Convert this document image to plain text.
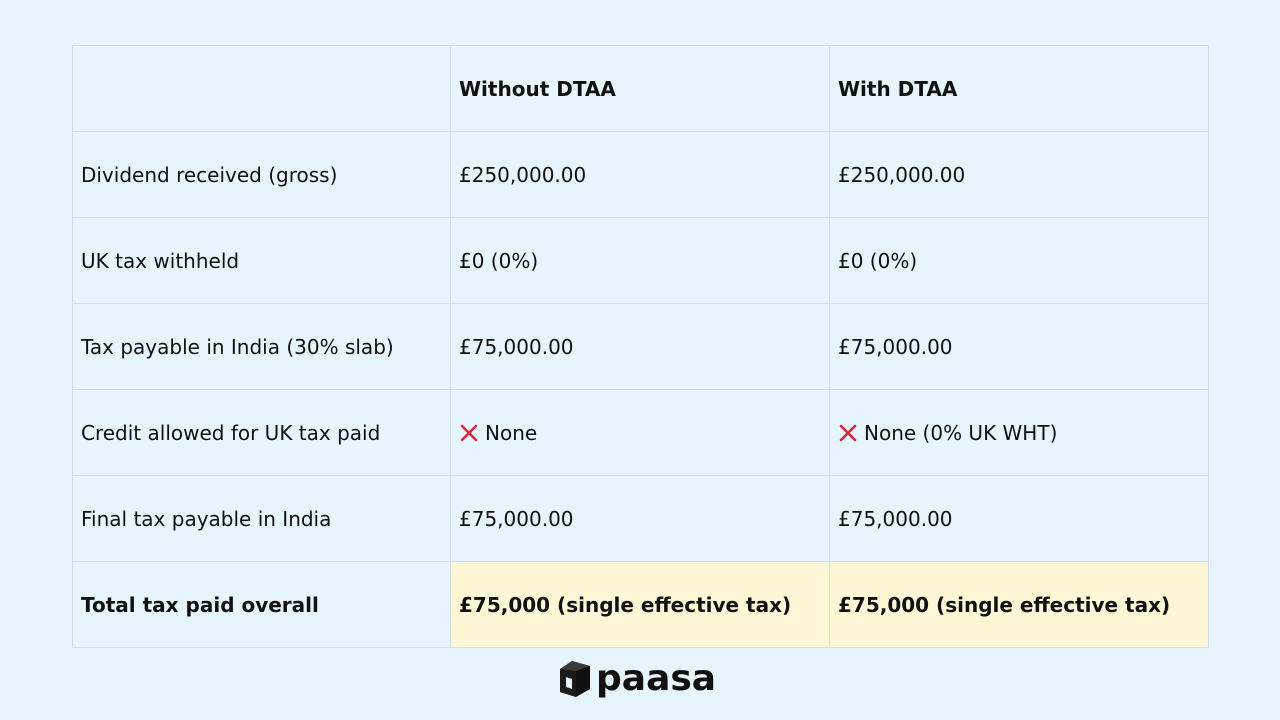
	Without DTAA	With DTAA
Dividend received (gross)	£250,000.00	£250,000.00
UK tax withheld	£0 (0%)	£0 (0%)
Tax payable in India (30% slab)	£75,000.00	£75,000.00
Credit allowed for UK tax paid	None	None (0% UK WHT)
Final tax payable in India	£75,000.00	£75,000.00
Total tax paid overall	£75,000 (single effective tax)	£75,000 (single effective tax)
paasa
